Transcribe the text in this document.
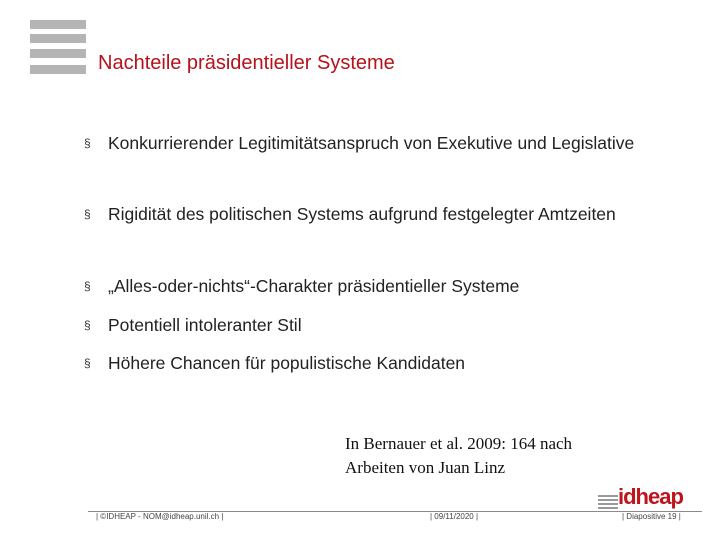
Nachteile präsidentieller Systeme
§ Konkurrierender Legitimitätsanspruch von Exekutive und Legislative
§ Rigidität des politischen Systems aufgrund festgelegter Amtzeiten
§ „Alles-oder-nichts“-Charakter präsidentieller Systeme
§ Potentiell intoleranter Stil
§ Höhere Chancen für populistische Kandidaten
In Bernauer et al. 2009: 164 nach
Arbeiten von Juan Linz
idheap
| ©IDHEAP - NOM@idheap.unil.ch |	| 09/11/2020 |	| Diapositive 19 |
